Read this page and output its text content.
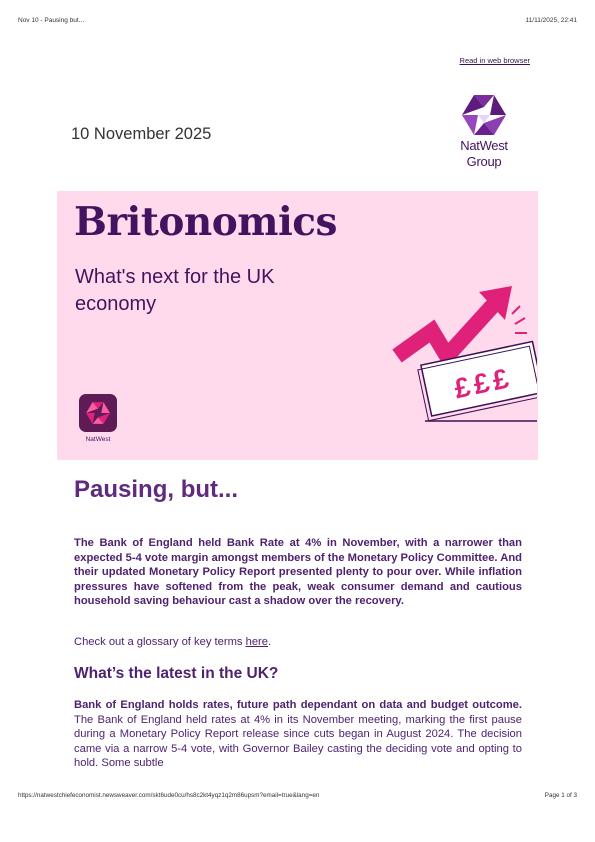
Nov 10 - Pausing but...	11/11/2025, 22:41
Read in web browser
10 November 2025
NatWest
Group
Britonomics
What's next for the UK economy
£££
NatWest
Pausing, but...

The Bank of England held Bank Rate at 4% in November, with a narrower than expected 5-4 vote margin amongst members of the Monetary Policy Committee. And their updated Monetary Policy Report presented plenty to pour over. While inflation pressures have softened from the peak, weak consumer demand and cautious household saving behaviour cast a shadow over the recovery.

Check out a glossary of key terms here.

What’s the latest in the UK?

Bank of England holds rates, future path dependant on data and budget outcome. The Bank of England held rates at 4% in its November meeting, marking the first pause during a Monetary Policy Report release since cuts began in August 2024. The decision came via a narrow 5-4 vote, with Governor Bailey casting the deciding vote and opting to hold. Some subtle

https://natwestchiefeconomist.newsweaver.com/skt6ude0cu/hs8c2kt4yqz1q2m86upsm?email=true&lang=en	Page 1 of 3
